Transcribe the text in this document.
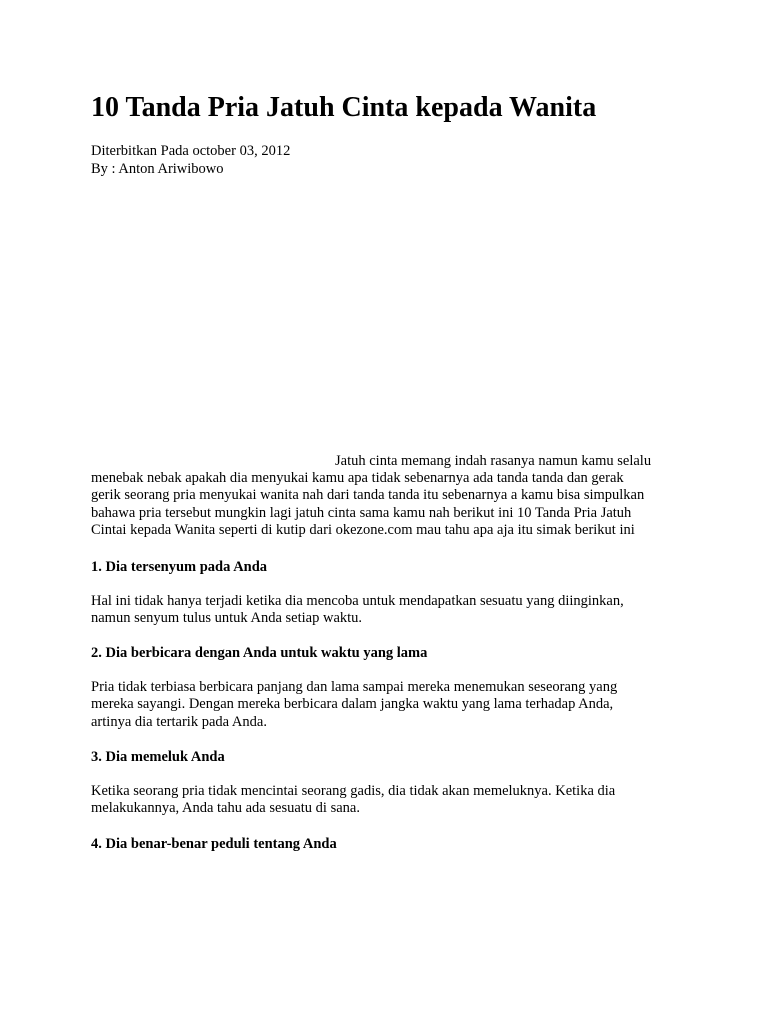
10 Tanda Pria Jatuh Cinta kepada Wanita
Diterbitkan Pada october 03, 2012
By : Anton Ariwibowo
Jatuh cinta memang indah rasanya namun kamu selalu
menebak nebak apakah dia menyukai kamu apa tidak sebenarnya ada tanda tanda dan gerak
gerik seorang pria menyukai wanita nah dari tanda tanda itu sebenarnya a kamu bisa simpulkan
bahawa pria tersebut mungkin lagi jatuh cinta sama kamu nah berikut ini 10 Tanda Pria Jatuh
Cintai kepada Wanita seperti di kutip dari okezone.com mau tahu apa aja itu simak berikut ini
1. Dia tersenyum pada Anda
Hal ini tidak hanya terjadi ketika dia mencoba untuk mendapatkan sesuatu yang diinginkan,
namun senyum tulus untuk Anda setiap waktu.
2. Dia berbicara dengan Anda untuk waktu yang lama
Pria tidak terbiasa berbicara panjang dan lama sampai mereka menemukan seseorang yang
mereka sayangi. Dengan mereka berbicara dalam jangka waktu yang lama terhadap Anda,
artinya dia tertarik pada Anda.
3. Dia memeluk Anda
Ketika seorang pria tidak mencintai seorang gadis, dia tidak akan memeluknya. Ketika dia
melakukannya, Anda tahu ada sesuatu di sana.
4. Dia benar-benar peduli tentang Anda
